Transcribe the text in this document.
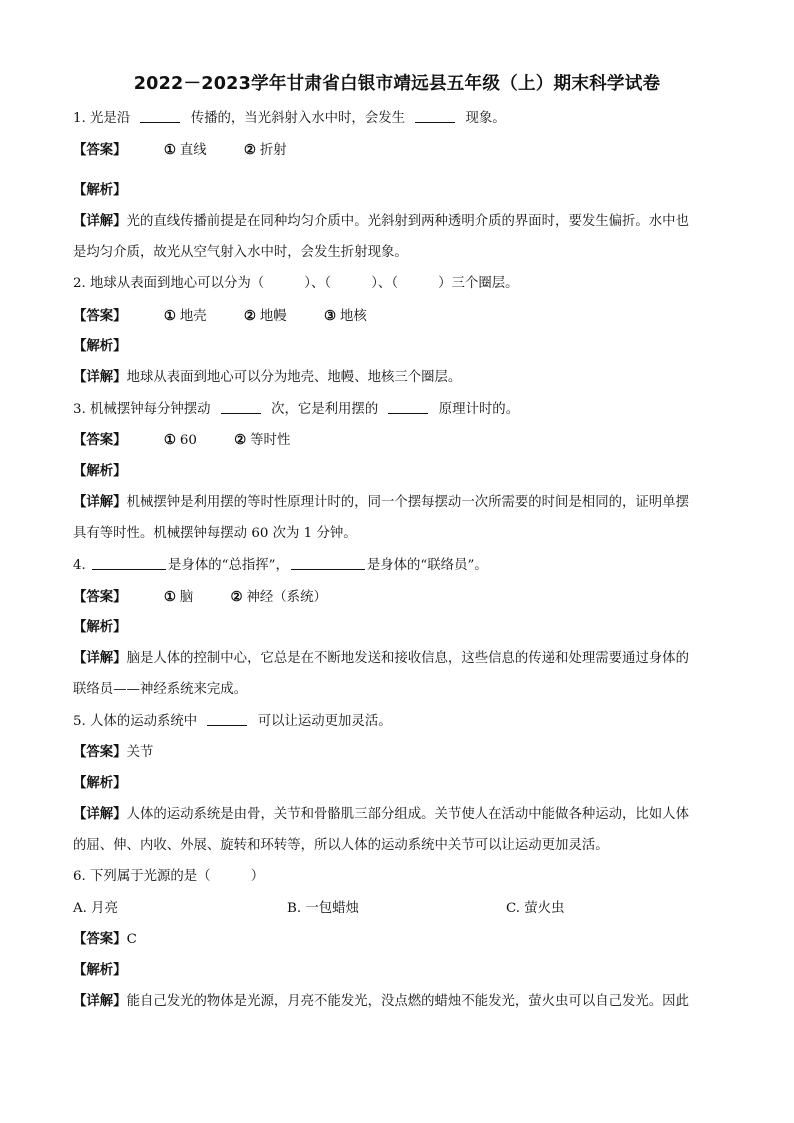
2022－2023学年甘肃省白银市靖远县五年级（上）期末科学试卷
1. 光是沿	传播的，当光斜射入水中时，会发生	现象。
【答案】	① 直线	② 折射
【解析】
【详解】光的直线传播前提是在同种均匀介质中。光斜射到两种透明介质的界面时，要发生偏折。水中也
是均匀介质，故光从空气射入水中时，会发生折射现象。
2. 地球从表面到地心可以分为（　　　）、（　　　）、（　　　）三个圈层。
【答案】	① 地壳	② 地幔	③ 地核
【解析】
【详解】地球从表面到地心可以分为地壳、地幔、地核三个圈层。
3. 机械摆钟每分钟摆动	次，它是利用摆的	原理计时的。
【答案】	① 60	② 等时性
【解析】
【详解】机械摆钟是利用摆的等时性原理计时的，同一个摆每摆动一次所需要的时间是相同的，证明单摆
具有等时性。机械摆钟每摆动 60 次为 1 分钟。
4.	是身体的“总指挥”，	是身体的“联络员”。
【答案】	① 脑	② 神经（系统）
【解析】
【详解】脑是人体的控制中心，它总是在不断地发送和接收信息，这些信息的传递和处理需要通过身体的
联络员——神经系统来完成。
5. 人体的运动系统中	可以让运动更加灵活。
【答案】关节
【解析】
【详解】人体的运动系统是由骨，关节和骨骼肌三部分组成。关节使人在活动中能做各种运动，比如人体
的屈、伸、内收、外展、旋转和环转等，所以人体的运动系统中关节可以让运动更加灵活。
6. 下列属于光源的是（　　　）
A. 月亮	B. 一包蜡烛	C. 萤火虫
【答案】C
【解析】
【详解】能自己发光的物体是光源，月亮不能发光，没点燃的蜡烛不能发光，萤火虫可以自己发光。因此
